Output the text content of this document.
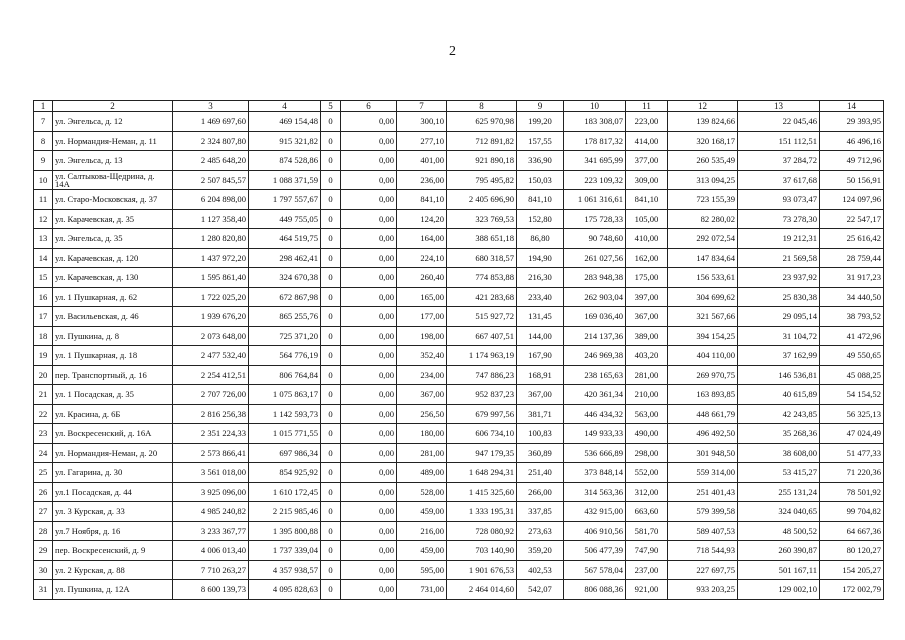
2
1	2	3	4	5	6	7	8	9	10	11	12	13	14
7	ул. Энгельса, д. 12	1 469 697,60	469 154,48	0	0,00	300,10	625 970,98	199,20	183 308,07	223,00	139 824,66	22 045,46	29 393,95
8	ул. Нормандия-Неман, д. 11	2 324 807,80	915 321,82	0	0,00	277,10	712 891,82	157,55	178 817,32	414,00	320 168,17	151 112,51	46 496,16
9	ул. Энгельса, д. 13	2 485 648,20	874 528,86	0	0,00	401,00	921 890,18	336,90	341 695,99	377,00	260 535,49	37 284,72	49 712,96
10	ул. Салтыкова-Щедрина, д. 14А	2 507 845,57	1 088 371,59	0	0,00	236,00	795 495,82	150,03	223 109,32	309,00	313 094,25	37 617,68	50 156,91
11	ул. Старо-Московская, д. 37	6 204 898,00	1 797 557,67	0	0,00	841,10	2 405 696,90	841,10	1 061 316,61	841,10	723 155,39	93 073,47	124 097,96
12	ул. Карачевская, д. 35	1 127 358,40	449 755,05	0	0,00	124,20	323 769,53	152,80	175 728,33	105,00	82 280,02	73 278,30	22 547,17
13	ул. Энгельса, д. 35	1 280 820,80	464 519,75	0	0,00	164,00	388 651,18	86,80	90 748,60	410,00	292 072,54	19 212,31	25 616,42
14	ул. Карачевская, д. 120	1 437 972,20	298 462,41	0	0,00	224,10	680 318,57	194,90	261 027,56	162,00	147 834,64	21 569,58	28 759,44
15	ул. Карачевская, д. 130	1 595 861,40	324 670,38	0	0,00	260,40	774 853,88	216,30	283 948,38	175,00	156 533,61	23 937,92	31 917,23
16	ул. 1 Пушкарная, д. 62	1 722 025,20	672 867,98	0	0,00	165,00	421 283,68	233,40	262 903,04	397,00	304 699,62	25 830,38	34 440,50
17	ул. Васильевская, д. 46	1 939 676,20	865 255,76	0	0,00	177,00	515 927,72	131,45	169 036,40	367,00	321 567,66	29 095,14	38 793,52
18	ул. Пушкина, д. 8	2 073 648,00	725 371,20	0	0,00	198,00	667 407,51	144,00	214 137,36	389,00	394 154,25	31 104,72	41 472,96
19	ул. 1 Пушкарная, д. 18	2 477 532,40	564 776,19	0	0,00	352,40	1 174 963,19	167,90	246 969,38	403,20	404 110,00	37 162,99	49 550,65
20	пер. Транспортный, д. 16	2 254 412,51	806 764,84	0	0,00	234,00	747 886,23	168,91	238 165,63	281,00	269 970,75	146 536,81	45 088,25
21	ул. 1 Посадская, д. 35	2 707 726,00	1 075 863,17	0	0,00	367,00	952 837,23	367,00	420 361,34	210,00	163 893,85	40 615,89	54 154,52
22	ул. Красина, д. 6Б	2 816 256,38	1 142 593,73	0	0,00	256,50	679 997,56	381,71	446 434,32	563,00	448 661,79	42 243,85	56 325,13
23	ул. Воскресенский, д. 16А	2 351 224,33	1 015 771,55	0	0,00	180,00	606 734,10	100,83	149 933,33	490,00	496 492,50	35 268,36	47 024,49
24	ул. Нормандия-Неман, д. 20	2 573 866,41	697 986,34	0	0,00	281,00	947 179,35	360,89	536 666,89	298,00	301 948,50	38 608,00	51 477,33
25	ул. Гагарина, д. 30	3 561 018,00	854 925,92	0	0,00	489,00	1 648 294,31	251,40	373 848,14	552,00	559 314,00	53 415,27	71 220,36
26	ул.1 Посадская, д. 44	3 925 096,00	1 610 172,45	0	0,00	528,00	1 415 325,60	266,00	314 563,36	312,00	251 401,43	255 131,24	78 501,92
27	ул. 3 Курская, д. 33	4 985 240,82	2 215 985,46	0	0,00	459,00	1 333 195,31	337,85	432 915,00	663,60	579 399,58	324 040,65	99 704,82
28	ул.7 Ноября, д. 16	3 233 367,77	1 395 800,88	0	0,00	216,00	728 080,92	273,63	406 910,56	581,70	589 407,53	48 500,52	64 667,36
29	пер. Воскресенский, д. 9	4 006 013,40	1 737 339,04	0	0,00	459,00	703 140,90	359,20	506 477,39	747,90	718 544,93	260 390,87	80 120,27
30	ул. 2 Курская, д. 88	7 710 263,27	4 357 938,57	0	0,00	595,00	1 901 676,53	402,53	567 578,04	237,00	227 697,75	501 167,11	154 205,27
31	ул. Пушкина, д. 12А	8 600 139,73	4 095 828,63	0	0,00	731,00	2 464 014,60	542,07	806 088,36	921,00	933 203,25	129 002,10	172 002,79
